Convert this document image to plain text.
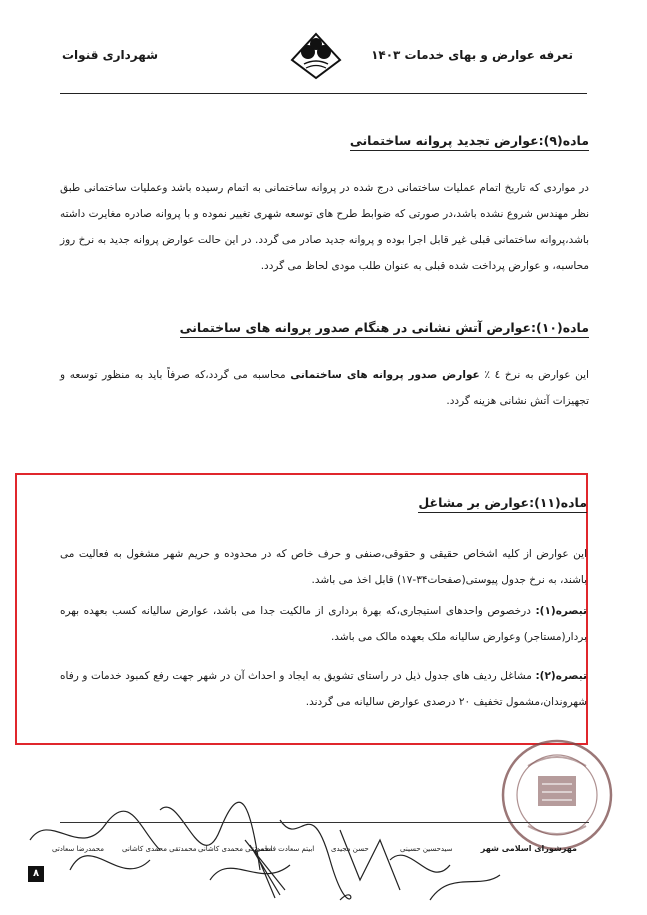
تعرفه عوارض و بهای خدمات ۱۴۰۳
شهرداری قنوات
ماده(۹):عوارض تجدید پروانه ساختمانی
در مواردی که تاریخ اتمام عملیات ساختمانی درج شده در پروانه ساختمانی به اتمام رسیده باشد وعملیات ساختمانی طبق نظر مهندس شروع نشده باشد،در صورتی که ضوابط طرح های توسعه شهری تغییر نموده و با پروانه صادره مغایرت داشته باشد،پروانه ساختمانی قبلی غیر قابل اجرا بوده و پروانه جدید صادر می گردد. در این حالت عوارض پروانه جدید به نرخ روز محاسبه، و عوارض پرداخت شده قبلی به عنوان طلب مودی لحاظ می گردد.
ماده(۱۰):عوارض آتش نشانی در هنگام صدور پروانه های ساختمانی
این عوارض به نرخ ٤ ٪ عوارض صدور پروانه های ساختمانی محاسبه می گردد،که صرفاً باید به منظور توسعه و تجهیزات آتش نشانی هزینه گردد.
ماده(۱۱):عوارض بر مشاغل
این عوارض از کلیه اشخاص حقیقی و حقوقی،صنفی و حرف خاص که در محدوده و حریم شهر مشغول به فعالیت می باشند، به نرخ جدول پیوستی(صفحات۳۴-۱۷) قابل اخذ می باشد.
تبصره(۱): درخصوص واحدهای استیجاری،که بهرهٔ برداری از مالکیت جدا می باشد، عوارض سالیانه کسب بعهده بهره بردار(مستاجر) وعوارض سالیانه ملک بعهده مالک می باشد.
تبصره(۲): مشاغل ردیف های جدول ذیل در راستای تشویق به ایجاد و احداث آن در شهر جهت رفع کمبود خدمات و رفاه شهروندان،مشمول تخفیف ۲۰ درصدی عوارض سالیانه می گردند.
مهرشورای اسلامی شهر
سیدحسین حسینی
حسن مجیدی
ابیتم سعادت فاطمی
محمدتقی محمدی کاشانی
محمدتقی محمدی کاشانی
محمدرضا سعادتی
۸
